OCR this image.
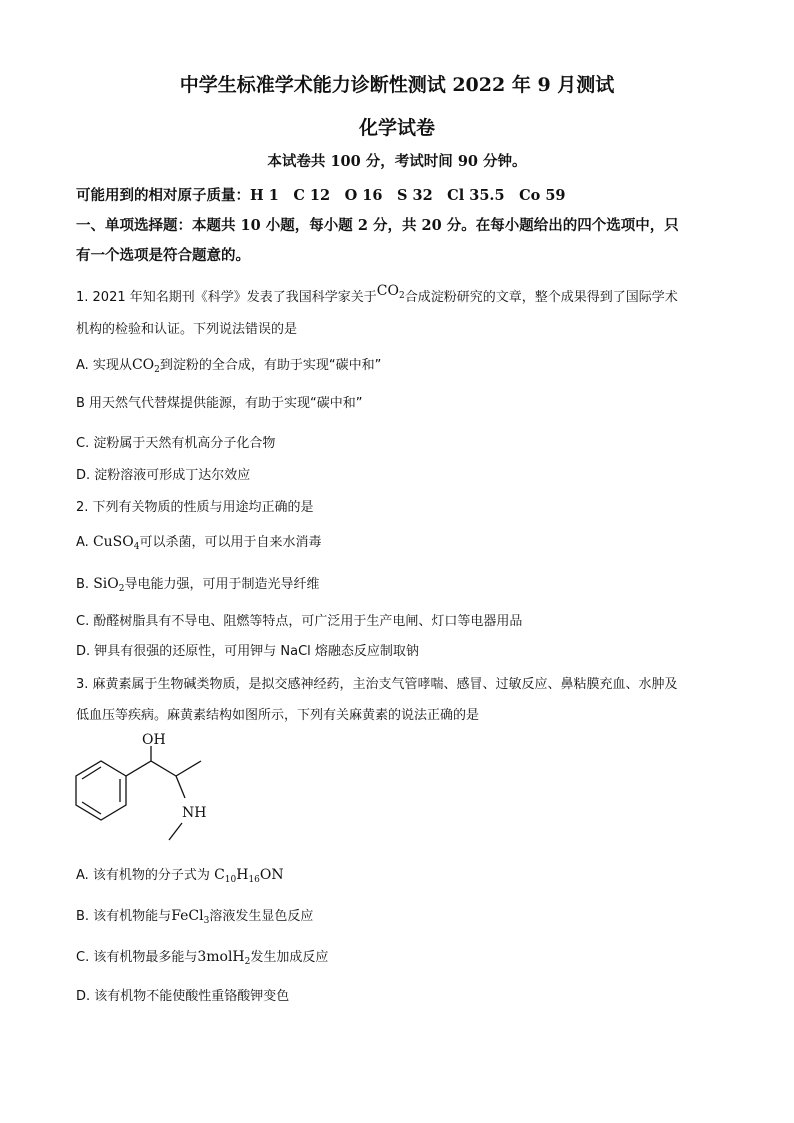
中学生标准学术能力诊断性测试 2022 年 9 月测试
化学试卷
本试卷共 100 分，考试时间 90 分钟。
可能用到的相对原子质量：H 1　C 12　O 16　S 32　Cl 35.5　Co 59
一、单项选择题：本题共 10 小题，每小题 2 分，共 20 分。在每小题给出的四个选项中，只
有一个选项是符合题意的。
1. 2021 年知名期刊《科学》发表了我国科学家关于$CO_2$合成淀粉研究的文章，整个成果得到了国际学术
机构的检验和认证。下列说法错误的是
A. 实现从$CO_2$到淀粉的全合成，有助于实现“碳中和”
B 用天然气代替煤提供能源，有助于实现“碳中和”
C. 淀粉属于天然有机高分子化合物
D. 淀粉溶液可形成丁达尔效应
2. 下列有关物质的性质与用途均正确的是
A. CuSO$_4$可以杀菌，可以用于自来水消毒
B. SiO$_2$导电能力强，可用于制造光导纤维
C. 酚醛树脂具有不导电、阻燃等特点，可广泛用于生产电闸、灯口等电器用品
D. 钾具有很强的还原性，可用钾与 NaCl 熔融态反应制取钠
3. 麻黄素属于生物碱类物质，是拟交感神经药，主治支气管哮喘、感冒、过敏反应、鼻粘膜充血、水肿及
低血压等疾病。麻黄素结构如图所示，下列有关麻黄素的说法正确的是
OH
NH
A. 该有机物的分子式为 $C_{10}H_{16}ON$
B. 该有机物能与FeCl$_3$溶液发生显色反应
C. 该有机物最多能与3molH$_2$发生加成反应
D. 该有机物不能使酸性重铬酸钾变色
